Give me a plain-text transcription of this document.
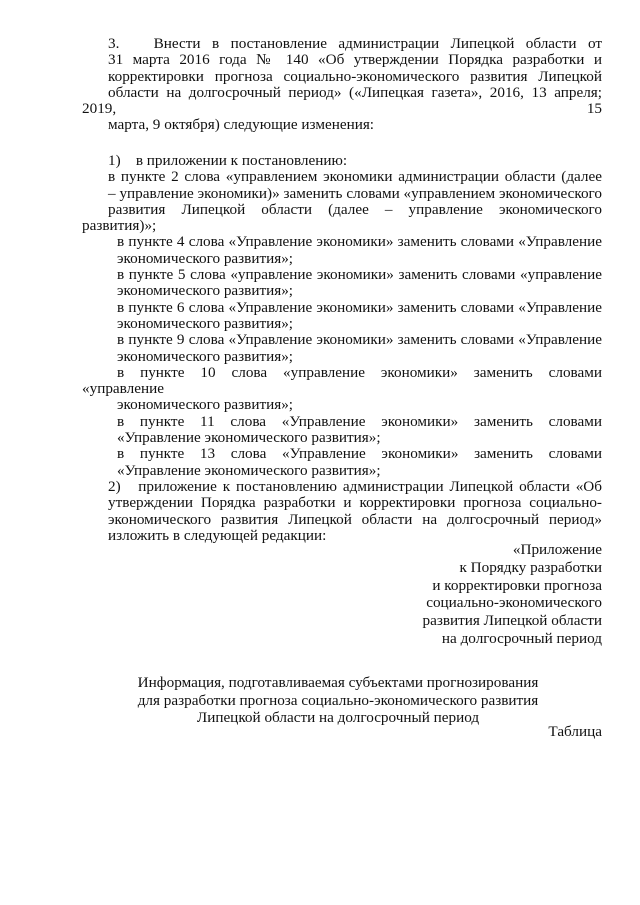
3.   Внести в постановление администрации Липецкой области от
31 марта 2016 года № 140 «Об утверждении Порядка разработки и
корректировки прогноза социально-экономического развития Липецкой
области на долгосрочный период» («Липецкая газета», 2016, 13 апреля; 2019, 15
марта, 9 октября) следующие изменения:

1)    в приложении к постановлению:

в пункте 2 слова «управлением экономики администрации области (далее
– управление экономики)» заменить словами «управлением экономического
развития Липецкой области (далее – управление экономического развития)»;

в пункте 4 слова «Управление экономики» заменить словами «Управление
экономического развития»;

в пункте 5 слова «управление экономики» заменить словами «управление
экономического развития»;

в пункте 6 слова «Управление экономики» заменить словами «Управление
экономического развития»;

в пункте 9 слова «Управление экономики» заменить словами «Управление
экономического развития»;

в пункте 10 слова «управление экономики» заменить словами «управление
экономического развития»;

в пункте 11 слова «Управление экономики» заменить словами
«Управление экономического развития»;

в пункте 13 слова «Управление экономики» заменить словами
«Управление экономического развития»;

2)   приложение к постановлению администрации Липецкой области «Об
утверждении Порядка разработки и корректировки прогноза социально-
экономического развития Липецкой области на долгосрочный период»
изложить в следующей редакции:

«Приложение
к Порядку разработки
и корректировки прогноза
социально-экономического
развития Липецкой области
на долгосрочный период
Информация, подготавливаемая субъектами прогнозирования
для разработки прогноза социально-экономического развития
Липецкой области на долгосрочный период
Таблица
